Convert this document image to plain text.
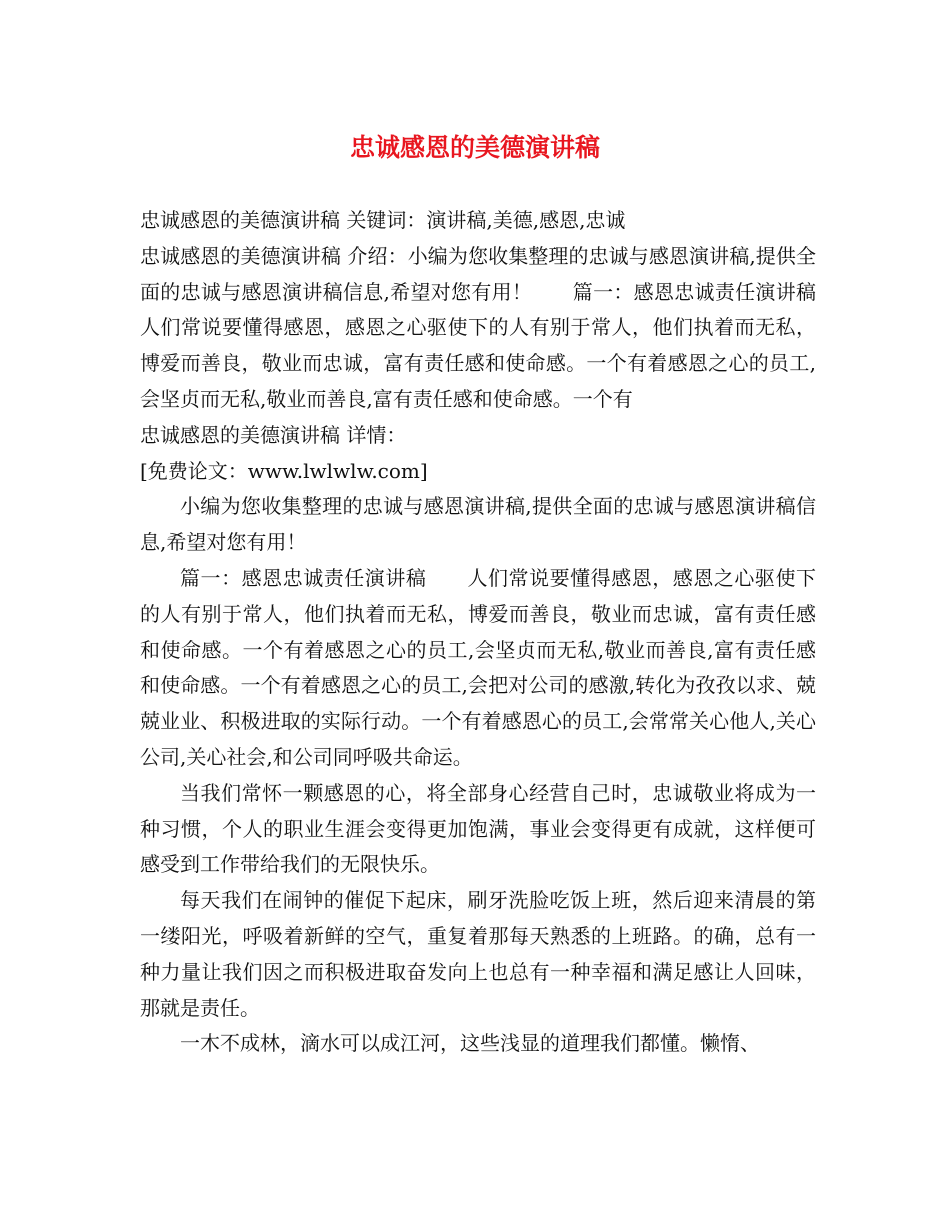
忠诚感恩的美德演讲稿

忠诚感恩的美德演讲稿 关键词：演讲稿,美德,感恩,忠诚

忠诚感恩的美德演讲稿 介绍：小编为您收集整理的忠诚与感恩演讲稿,提供全面的忠诚与感恩演讲稿信息,希望对您有用！　　篇一：感恩忠诚责任演讲稿　　人们常说要懂得感恩，感恩之心驱使下的人有别于常人，他们执着而无私，博爱而善良，敬业而忠诚，富有责任感和使命感。一个有着感恩之心的员工,会坚贞而无私,敬业而善良,富有责任感和使命感。一个有

忠诚感恩的美德演讲稿 详情：

[免费论文：www.lwlwlw.com]

小编为您收集整理的忠诚与感恩演讲稿,提供全面的忠诚与感恩演讲稿信息,希望对您有用！

篇一：感恩忠诚责任演讲稿　　人们常说要懂得感恩，感恩之心驱使下的人有别于常人，他们执着而无私，博爱而善良，敬业而忠诚，富有责任感和使命感。一个有着感恩之心的员工,会坚贞而无私,敬业而善良,富有责任感和使命感。一个有着感恩之心的员工,会把对公司的感激,转化为孜孜以求、兢兢业业、积极进取的实际行动。一个有着感恩心的员工,会常常关心他人,关心公司,关心社会,和公司同呼吸共命运。

当我们常怀一颗感恩的心，将全部身心经营自己时，忠诚敬业将成为一种习惯，个人的职业生涯会变得更加饱满，事业会变得更有成就，这样便可感受到工作带给我们的无限快乐。

每天我们在闹钟的催促下起床，刷牙洗脸吃饭上班，然后迎来清晨的第一缕阳光，呼吸着新鲜的空气，重复着那每天熟悉的上班路。的确，总有一种力量让我们因之而积极进取奋发向上也总有一种幸福和满足感让人回味，那就是责任。

一木不成林，滴水可以成江河，这些浅显的道理我们都懂。懒惰、
